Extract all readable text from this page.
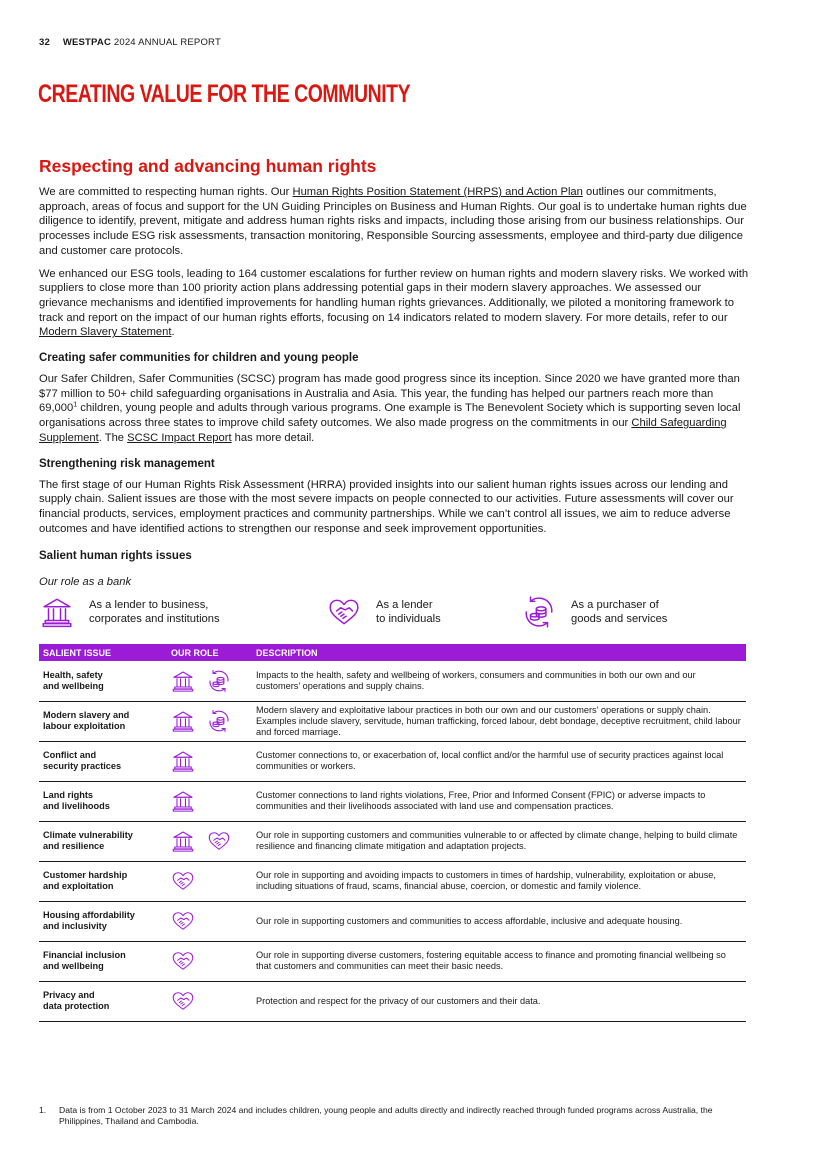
32 WESTPAC 2024 ANNUAL REPORT
CREATING VALUE FOR THE COMMUNITY
Respecting and advancing human rights

We are committed to respecting human rights. Our Human Rights Position Statement (HRPS) and Action Plan outlines our commitments, approach, areas of focus and support for the UN Guiding Principles on Business and Human Rights. Our goal is to undertake human rights due diligence to identify, prevent, mitigate and address human rights risks and impacts, including those arising from our business relationships. Our processes include ESG risk assessments, transaction monitoring, Responsible Sourcing assessments, employee and third-party due diligence and customer care protocols.

We enhanced our ESG tools, leading to 164 customer escalations for further review on human rights and modern slavery risks. We worked with suppliers to close more than 100 priority action plans addressing potential gaps in their modern slavery approaches. We assessed our grievance mechanisms and identified improvements for handling human rights grievances. Additionally, we piloted a monitoring framework to track and report on the impact of our human rights efforts, focusing on 14 indicators related to modern slavery. For more details, refer to our Modern Slavery Statement.

Creating safer communities for children and young people

Our Safer Children, Safer Communities (SCSC) program has made good progress since its inception. Since 2020 we have granted more than $77 million to 50+ child safeguarding organisations in Australia and Asia. This year, the funding has helped our partners reach more than 69,000$^1$ children, young people and adults through various programs. One example is The Benevolent Society which is supporting seven local organisations across three states to improve child safety outcomes. We also made progress on the commitments in our Child Safeguarding Supplement. The SCSC Impact Report has more detail.

Strengthening risk management

The first stage of our Human Rights Risk Assessment (HRRA) provided insights into our salient human rights issues across our lending and supply chain. Salient issues are those with the most severe impacts on people connected to our activities. Future assessments will cover our financial products, services, employment practices and community partnerships. While we can’t control all issues, we aim to reduce adverse outcomes and have identified actions to strengthen our response and seek improvement opportunities.

Salient human rights issues
Our role as a bank
As a lender to business,
corporates and institutions
As a lender
to individuals
As a purchaser of
goods and services
SALIENT ISSUE	OUR ROLE	DESCRIPTION
Health, safety
and wellbeing		Impacts to the health, safety and wellbeing of workers, consumers and communities in both our own and our customers’ operations and supply chains.
Modern slavery and
labour exploitation		Modern slavery and exploitative labour practices in both our own and our customers’ operations or supply chain. Examples include slavery, servitude, human trafficking, forced labour, debt bondage, deceptive recruitment, child labour and forced marriage.
Conflict and
security practices		Customer connections to, or exacerbation of, local conflict and/or the harmful use of security practices against local communities or workers.
Land rights
and livelihoods		Customer connections to land rights violations, Free, Prior and Informed Consent (FPIC) or adverse impacts to communities and their livelihoods associated with land use and compensation practices.
Climate vulnerability
and resilience		Our role in supporting customers and communities vulnerable to or affected by climate change, helping to build climate resilience and financing climate mitigation and adaptation projects.
Customer hardship
and exploitation		Our role in supporting and avoiding impacts to customers in times of hardship, vulnerability, exploitation or abuse, including situations of fraud, scams, financial abuse, coercion, or domestic and family violence.
Housing affordability
and inclusivity		Our role in supporting customers and communities to access affordable, inclusive and adequate housing.
Financial inclusion
and wellbeing		Our role in supporting diverse customers, fostering equitable access to finance and promoting financial wellbeing so that customers and communities can meet their basic needs.
Privacy and
data protection		Protection and respect for the privacy of our customers and their data.
1.	Data is from 1 October 2023 to 31 March 2024 and includes children, young people and adults directly and indirectly reached through funded programs across Australia, the Philippines, Thailand and Cambodia.
